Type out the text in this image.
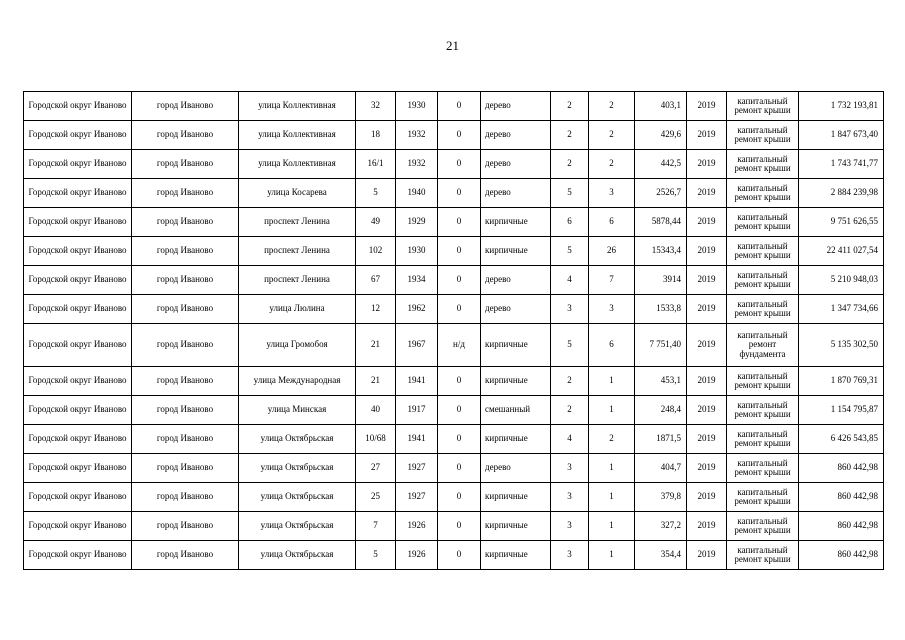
21
Городской округ Иваново	город Иваново	улица Коллективная	32	1930	0	дерево	2	2	403,1	2019	капитальный ремонт крыши	1 732 193,81
Городской округ Иваново	город Иваново	улица Коллективная	18	1932	0	дерево	2	2	429,6	2019	капитальный ремонт крыши	1 847 673,40
Городской округ Иваново	город Иваново	улица Коллективная	16/1	1932	0	дерево	2	2	442,5	2019	капитальный ремонт крыши	1 743 741,77
Городской округ Иваново	город Иваново	улица Косарева	5	1940	0	дерево	5	3	2526,7	2019	капитальный ремонт крыши	2 884 239,98
Городской округ Иваново	город Иваново	проспект Ленина	49	1929	0	кирпичные	6	6	5878,44	2019	капитальный ремонт крыши	9 751 626,55
Городской округ Иваново	город Иваново	проспект Ленина	102	1930	0	кирпичные	5	26	15343,4	2019	капитальный ремонт крыши	22 411 027,54
Городской округ Иваново	город Иваново	проспект Ленина	67	1934	0	дерево	4	7	3914	2019	капитальный ремонт крыши	5 210 948,03
Городской округ Иваново	город Иваново	улица Люлина	12	1962	0	дерево	3	3	1533,8	2019	капитальный ремонт крыши	1 347 734,66
Городской округ Иваново	город Иваново	улица Громобоя	21	1967	н/д	кирпичные	5	6	7 751,40	2019	капитальный ремонт фундамента	5 135 302,50
Городской округ Иваново	город Иваново	улица Международная	21	1941	0	кирпичные	2	1	453,1	2019	капитальный ремонт крыши	1 870 769,31
Городской округ Иваново	город Иваново	улица Минская	40	1917	0	смешанный	2	1	248,4	2019	капитальный ремонт крыши	1 154 795,87
Городской округ Иваново	город Иваново	улица Октябрьская	10/68	1941	0	кирпичные	4	2	1871,5	2019	капитальный ремонт крыши	6 426 543,85
Городской округ Иваново	город Иваново	улица Октябрьская	27	1927	0	дерево	3	1	404,7	2019	капитальный ремонт крыши	860 442,98
Городской округ Иваново	город Иваново	улица Октябрьская	25	1927	0	кирпичные	3	1	379,8	2019	капитальный ремонт крыши	860 442,98
Городской округ Иваново	город Иваново	улица Октябрьская	7	1926	0	кирпичные	3	1	327,2	2019	капитальный ремонт крыши	860 442,98
Городской округ Иваново	город Иваново	улица Октябрьская	5	1926	0	кирпичные	3	1	354,4	2019	капитальный ремонт крыши	860 442,98
